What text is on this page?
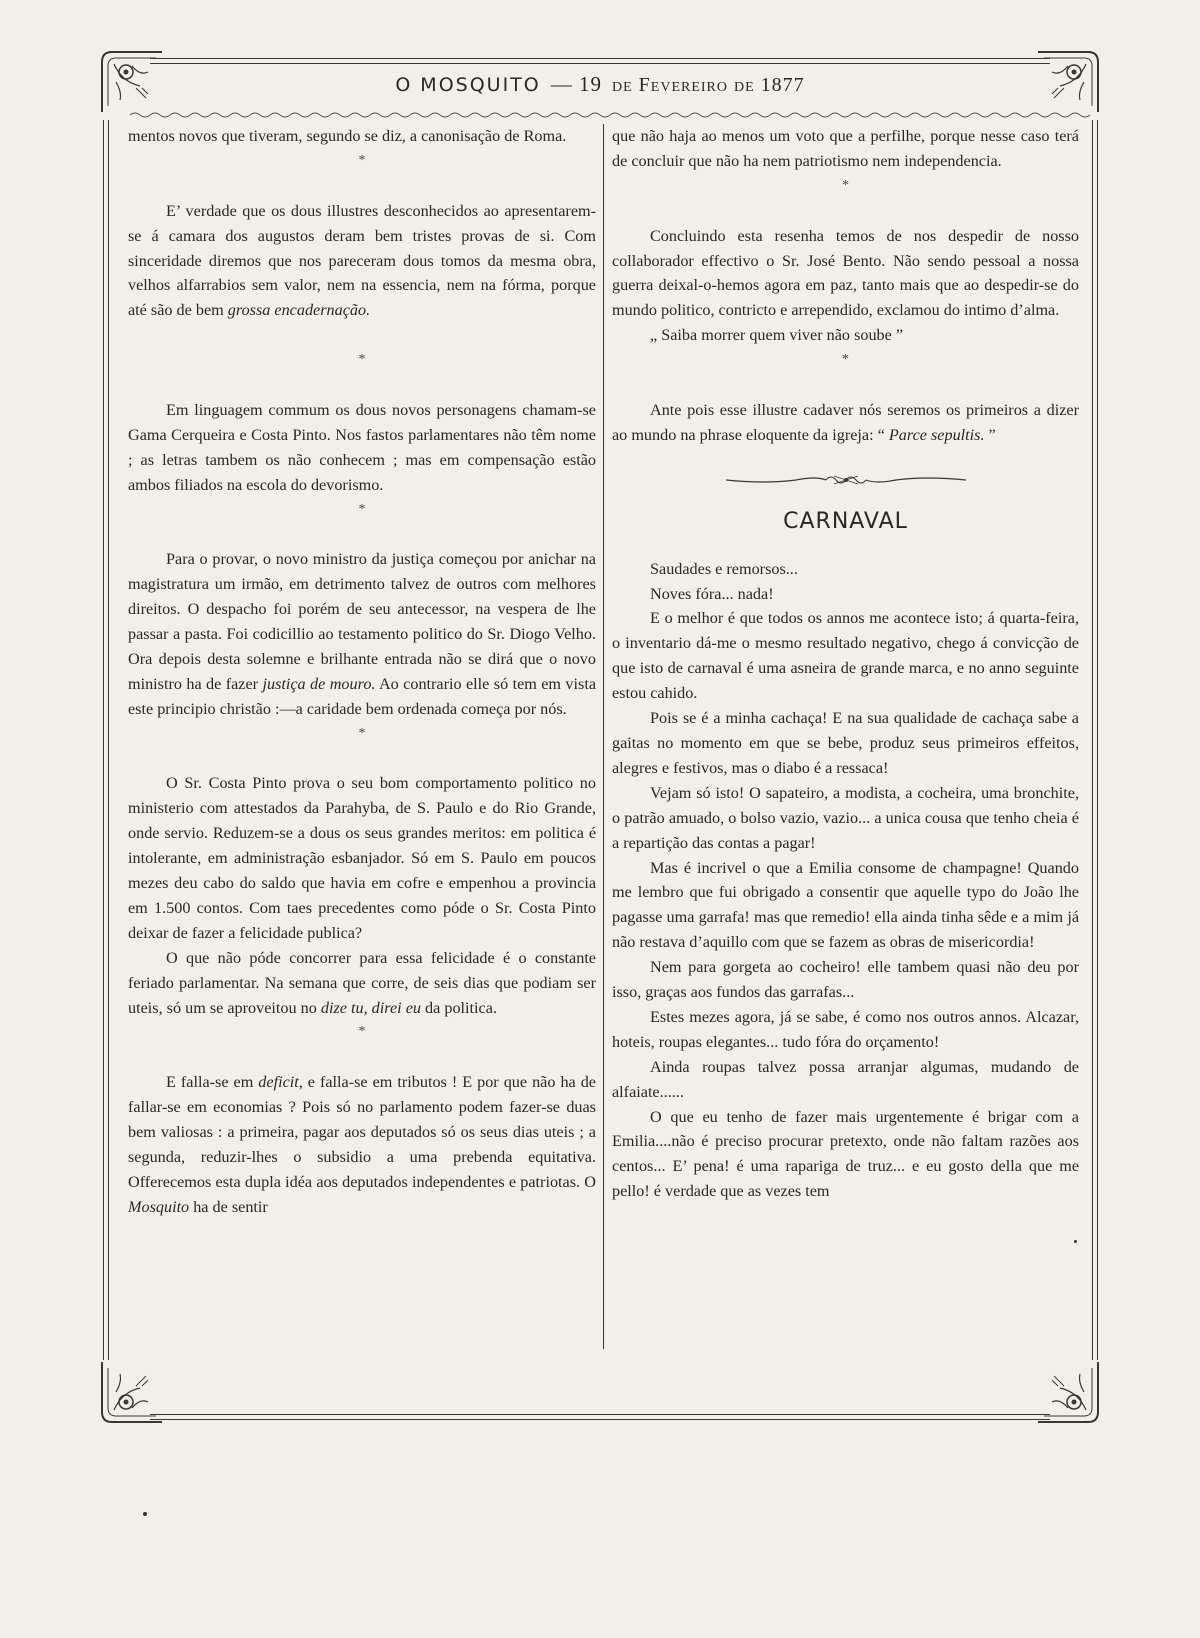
O MOSQUITO — 19 de Fevereiro de 1877

mentos novos que tiveram, segundo se diz, a canonisação de Roma.

*

E’ verdade que os dous illustres desconhecidos ao apresentarem-se á camara dos augustos deram bem tristes provas de si. Com sinceridade diremos que nos pareceram dous tomos da mesma obra, velhos alfarrabios sem valor, nem na essencia, nem na fórma, porque até são de bem grossa encadernação.

*

Em linguagem commum os dous novos personagens chamam-se Gama Cerqueira e Costa Pinto. Nos fastos parlamentares não têm nome ; as letras tambem os não conhecem ; mas em compensação estão ambos filiados na escola do devorismo.

*

Para o provar, o novo ministro da justiça começou por anichar na magistratura um irmão, em detrimento talvez de outros com melhores direitos. O despacho foi porém de seu antecessor, na vespera de lhe passar a pasta. Foi codicillio ao testamento politico do Sr. Diogo Velho. Ora depois desta solemne e brilhante entrada não se dirá que o novo ministro ha de fazer justiça de mouro. Ao contrario elle só tem em vista este principio christão :—a caridade bem ordenada começa por nós.

*

O Sr. Costa Pinto prova o seu bom comportamento politico no ministerio com attestados da Parahyba, de S. Paulo e do Rio Grande, onde servio. Reduzem-se a dous os seus grandes meritos: em politica é intolerante, em administração esbanjador. Só em S. Paulo em poucos mezes deu cabo do saldo que havia em cofre e empenhou a provincia em 1.500 contos. Com taes precedentes como póde o Sr. Costa Pinto deixar de fazer a felicidade publica?

O que não póde concorrer para essa felicidade é o constante feriado parlamentar. Na semana que corre, de seis dias que podiam ser uteis, só um se aproveitou no dize tu, direi eu da politica.

*

E falla-se em deficit, e falla-se em tributos ! E por que não ha de fallar-se em economias ? Pois só no parlamento podem fazer-se duas bem valiosas : a primeira, pagar aos deputados só os seus dias uteis ; a segunda, reduzir-lhes o subsidio a uma prebenda equitativa. Offerecemos esta dupla idéa aos deputados independentes e patriotas. O Mosquito ha de sentir

que não haja ao menos um voto que a perfilhe, porque nesse caso terá de concluir que não ha nem patriotismo nem independencia.

*

Concluindo esta resenha temos de nos despedir de nosso collaborador effectivo o Sr. José Bento. Não sendo pessoal a nossa guerra deixal-o-hemos agora em paz, tanto mais que ao despedir-se do mundo politico, contricto e arrependido, exclamou do intimo d’alma.

„ Saiba morrer quem viver não soube ”

*

Ante pois esse illustre cadaver nós seremos os primeiros a dizer ao mundo na phrase eloquente da igreja: “ Parce sepultis. ”

CARNAVAL

Saudades e remorsos...

Noves fóra... nada!

E o melhor é que todos os annos me acontece isto; á quarta-feira, o inventario dá-me o mesmo resultado negativo, chego á convicção de que isto de carnaval é uma asneira de grande marca, e no anno seguinte estou cahido.

Pois se é a minha cachaça! E na sua qualidade de cachaça sabe a gaitas no momento em que se bebe, produz seus primeiros effeitos, alegres e festivos, mas o diabo é a ressaca!

Vejam só isto! O sapateiro, a modista, a cocheira, uma bronchite, o patrão amuado, o bolso vazio, vazio... a unica cousa que tenho cheia é a repartição das contas a pagar!

Mas é incrivel o que a Emilia consome de champagne! Quando me lembro que fui obrigado a consentir que aquelle typo do João lhe pagasse uma garrafa! mas que remedio! ella ainda tinha sêde e a mim já não restava d’aquillo com que se fazem as obras de misericordia!

Nem para gorgeta ao cocheiro! elle tambem quasi não deu por isso, graças aos fundos das garrafas...

Estes mezes agora, já se sabe, é como nos outros annos. Alcazar, hoteis, roupas elegantes... tudo fóra do orçamento!

Ainda roupas talvez possa arranjar algumas, mudando de alfaiate......

O que eu tenho de fazer mais urgentemente é brigar com a Emilia....não é preciso procurar pretexto, onde não faltam razões aos centos... E’ pena! é uma rapariga de truz... e eu gosto della que me pello! é verdade que as vezes tem
